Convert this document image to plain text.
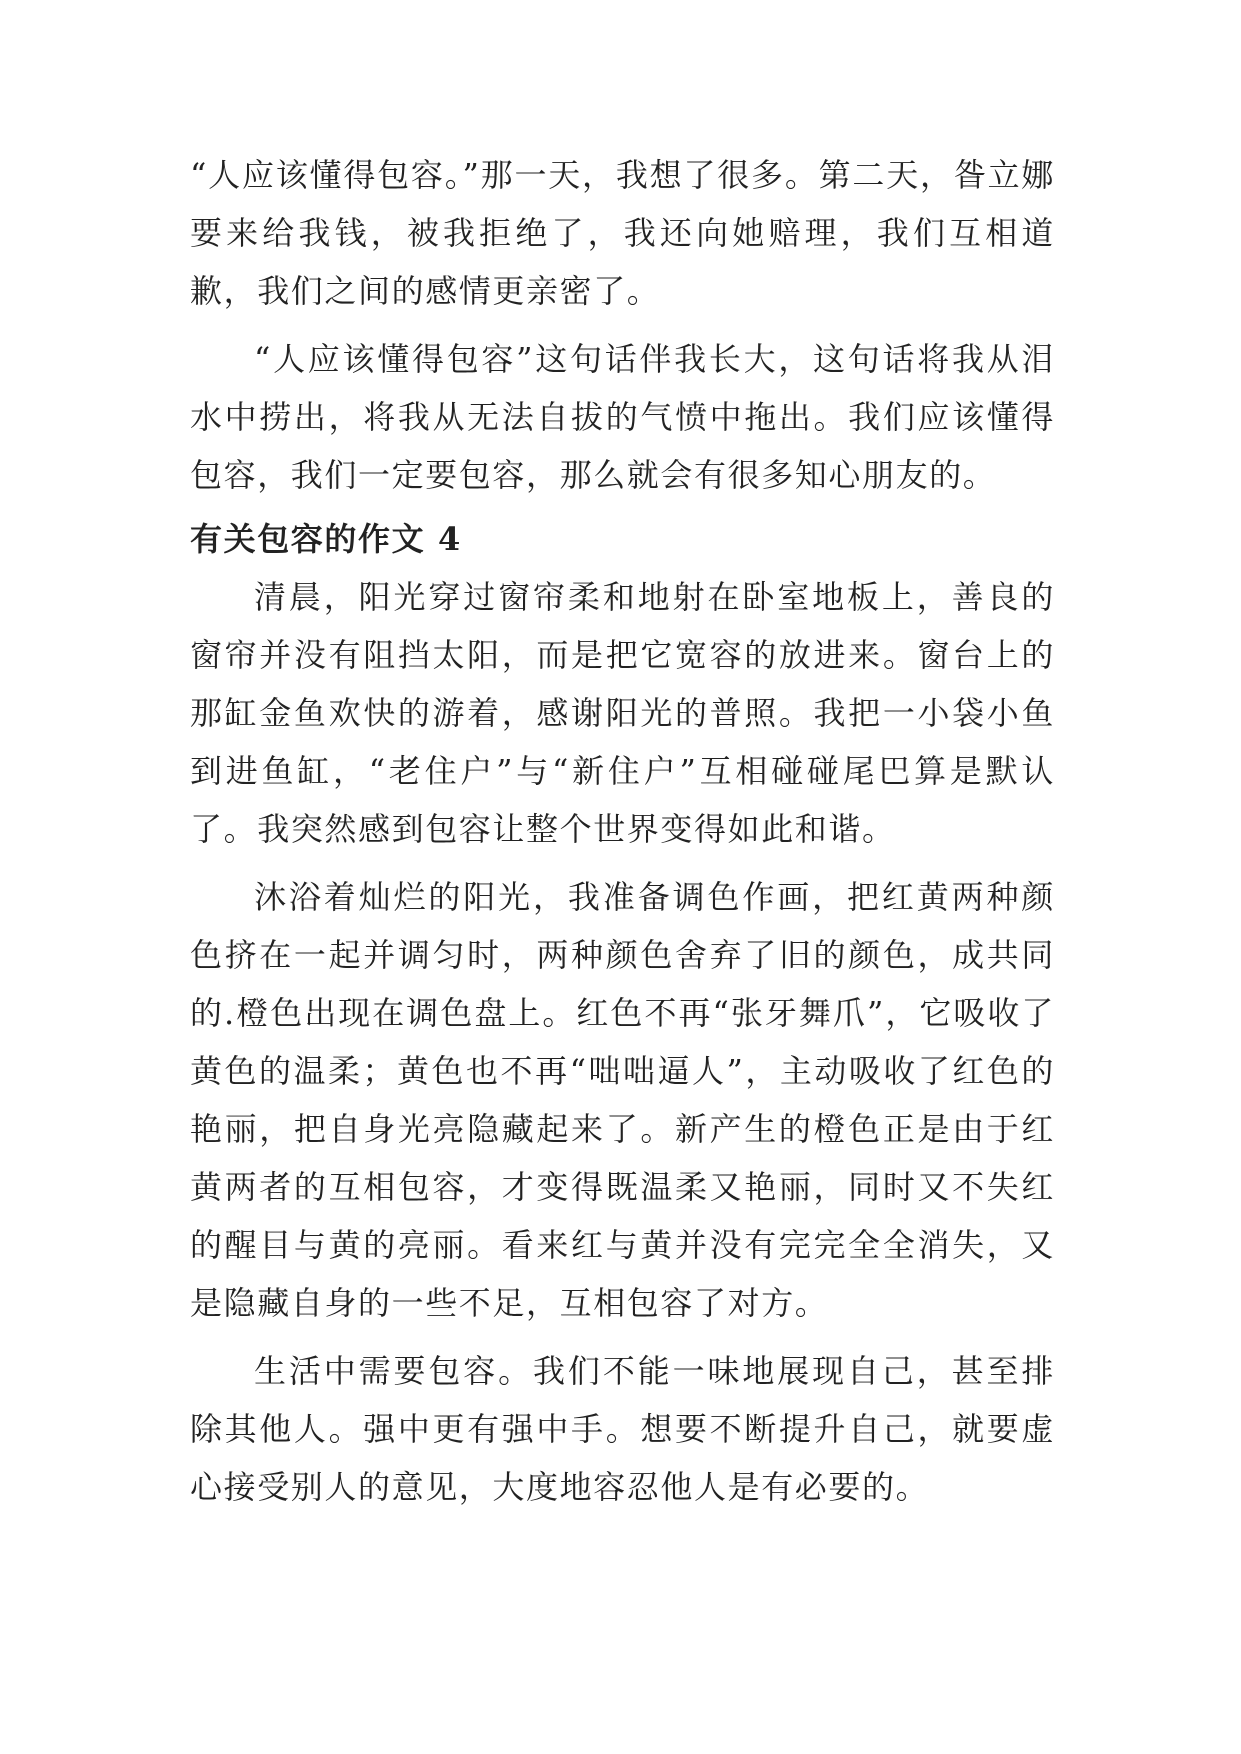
“人应该懂得包容。”那一天，我想了很多。第二天，昝立娜要来给我钱，被我拒绝了，我还向她赔理，我们互相道歉，我们之间的感情更亲密了。

“人应该懂得包容”这句话伴我长大，这句话将我从泪水中捞出，将我从无法自拔的气愤中拖出。我们应该懂得包容，我们一定要包容，那么就会有很多知心朋友的。

有关包容的作文 4

清晨，阳光穿过窗帘柔和地射在卧室地板上，善良的窗帘并没有阻挡太阳，而是把它宽容的放进来。窗台上的那缸金鱼欢快的游着，感谢阳光的普照。我把一小袋小鱼到进鱼缸，“老住户”与“新住户”互相碰碰尾巴算是默认了。我突然感到包容让整个世界变得如此和谐。

沐浴着灿烂的阳光，我准备调色作画，把红黄两种颜色挤在一起并调匀时，两种颜色舍弃了旧的颜色，成共同的.橙色出现在调色盘上。红色不再“张牙舞爪”，它吸收了黄色的温柔；黄色也不再“咄咄逼人”，主动吸收了红色的艳丽，把自身光亮隐藏起来了。新产生的橙色正是由于红黄两者的互相包容，才变得既温柔又艳丽，同时又不失红的醒目与黄的亮丽。看来红与黄并没有完完全全消失，又是隐藏自身的一些不足，互相包容了对方。

生活中需要包容。我们不能一味地展现自己，甚至排除其他人。强中更有强中手。想要不断提升自己，就要虚心接受别人的意见，大度地容忍他人是有必要的。
